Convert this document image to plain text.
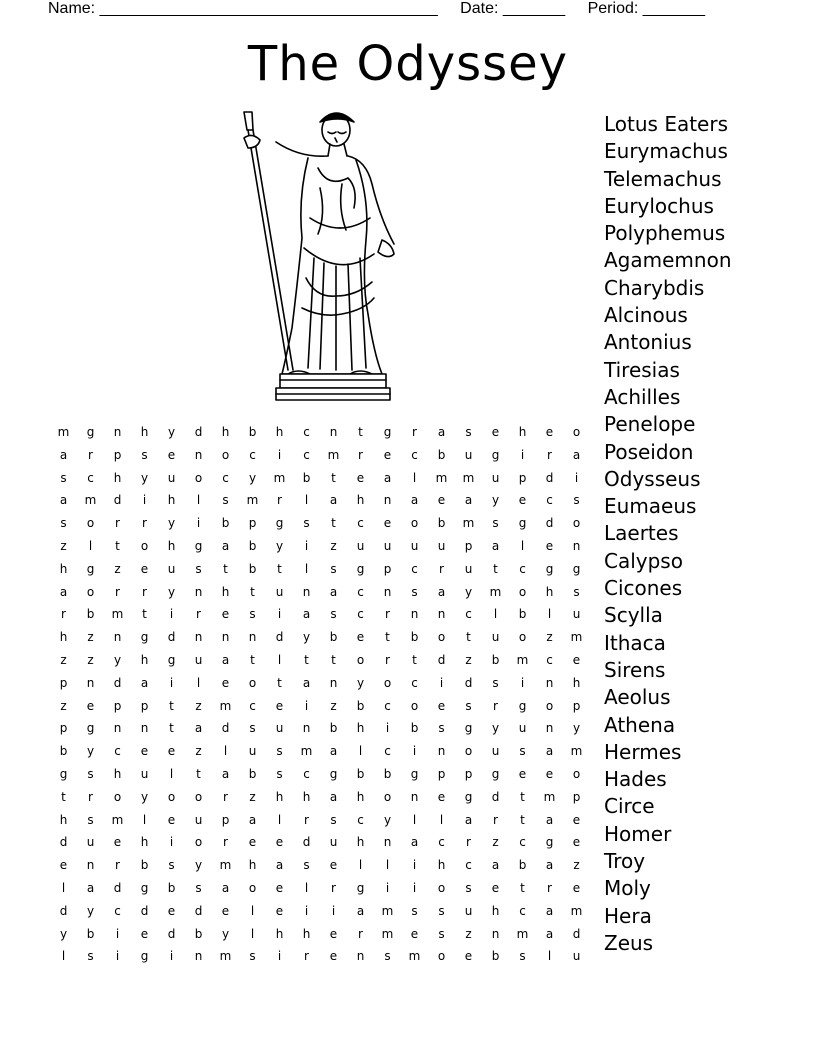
Name: ______________________________________ Date: _______ Period: _______
The Odyssey
m	g	n	h	y	d	h	b	h	c	n	t	g	r	a	s	e	h	e	o
a	r	p	s	e	n	o	c	i	c	m	r	e	c	b	u	g	i	r	a
s	c	h	y	u	o	c	y	m	b	t	e	a	l	m	m	u	p	d	i
a	m	d	i	h	l	s	m	r	l	a	h	n	a	e	a	y	e	c	s
s	o	r	r	y	i	b	p	g	s	t	c	e	o	b	m	s	g	d	o
z	l	t	o	h	g	a	b	y	i	z	u	u	u	u	p	a	l	e	n
h	g	z	e	u	s	t	b	t	l	s	g	p	c	r	u	t	c	g	g
a	o	r	r	y	n	h	t	u	n	a	c	n	s	a	y	m	o	h	s
r	b	m	t	i	r	e	s	i	a	s	c	r	n	n	c	l	b	l	u
h	z	n	g	d	n	n	n	d	y	b	e	t	b	o	t	u	o	z	m
z	z	y	h	g	u	a	t	l	t	t	o	r	t	d	z	b	m	c	e
p	n	d	a	i	l	e	o	t	a	n	y	o	c	i	d	s	i	n	h
z	e	p	p	t	z	m	c	e	i	z	b	c	o	e	s	r	g	o	p
p	g	n	n	t	a	d	s	u	n	b	h	i	b	s	g	y	u	n	y
b	y	c	e	e	z	l	u	s	m	a	l	c	i	n	o	u	s	a	m
g	s	h	u	l	t	a	b	s	c	g	b	b	g	p	p	g	e	e	o
t	r	o	y	o	o	r	z	h	h	a	h	o	n	e	g	d	t	m	p
h	s	m	l	e	u	p	a	l	r	s	c	y	l	l	a	r	t	a	e
d	u	e	h	i	o	r	e	e	d	u	h	n	a	c	r	z	c	g	e
e	n	r	b	s	y	m	h	a	s	e	l	l	i	h	c	a	b	a	z
l	a	d	g	b	s	a	o	e	l	r	g	i	i	o	s	e	t	r	e
d	y	c	d	e	d	e	l	e	i	i	a	m	s	s	u	h	c	a	m
y	b	i	e	d	b	y	l	h	h	e	r	m	e	s	z	n	m	a	d
l	s	i	g	i	n	m	s	i	r	e	n	s	m	o	e	b	s	l	u
Lotus Eaters
Eurymachus
Telemachus
Eurylochus
Polyphemus
Agamemnon
Charybdis
Alcinous
Antonius
Tiresias
Achilles
Penelope
Poseidon
Odysseus
Eumaeus
Laertes
Calypso
Cicones
Scylla
Ithaca
Sirens
Aeolus
Athena
Hermes
Hades
Circe
Homer
Troy
Moly
Hera
Zeus
